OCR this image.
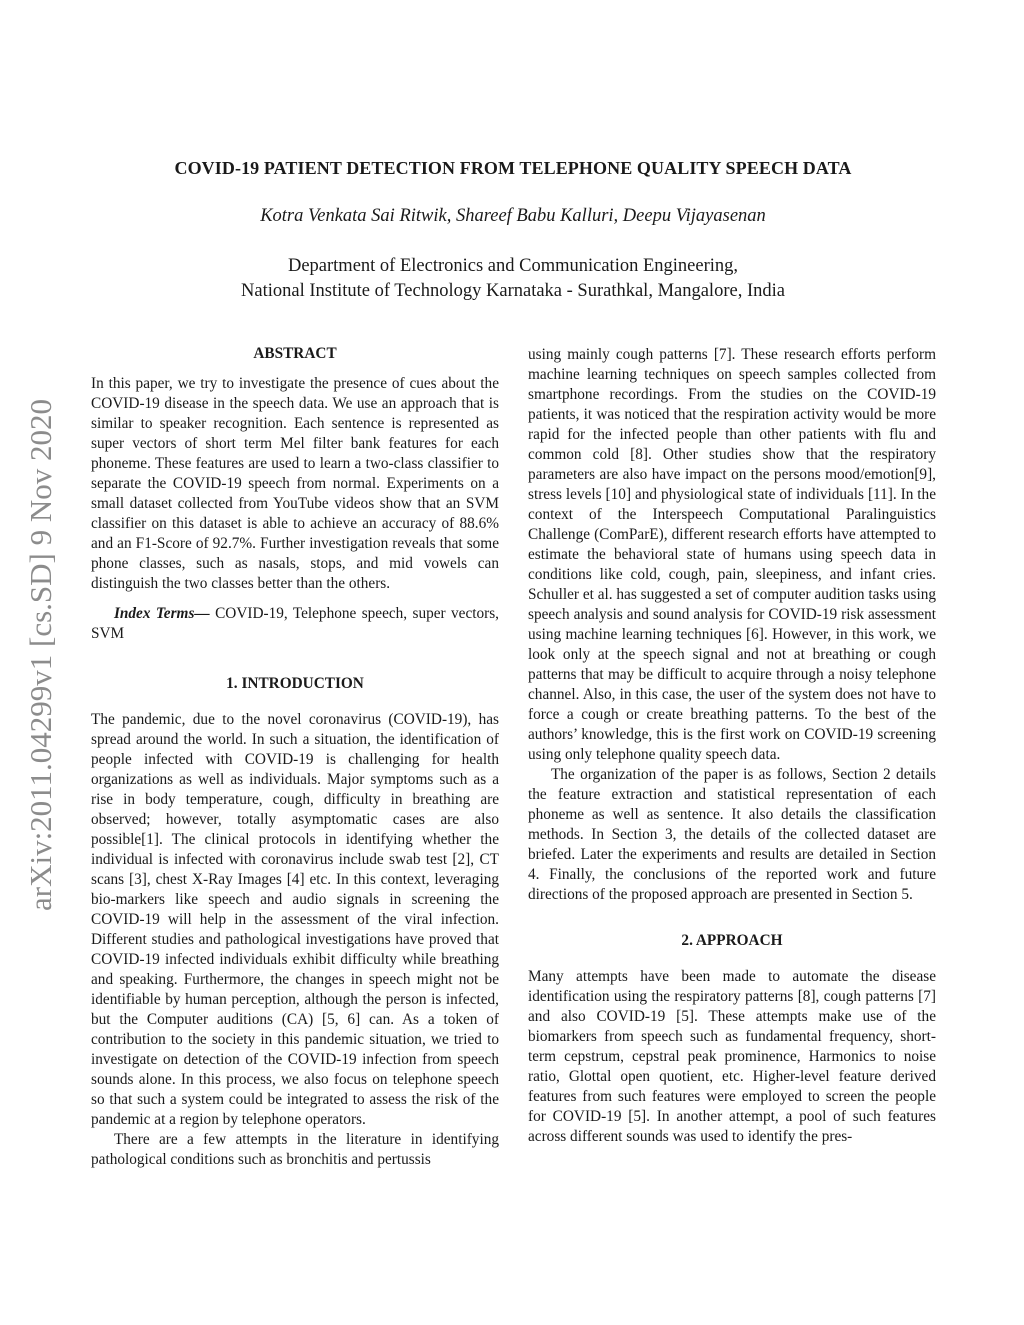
arXiv:2011.04299v1 [cs.SD] 9 Nov 2020
COVID-19 PATIENT DETECTION FROM TELEPHONE QUALITY SPEECH DATA
Kotra Venkata Sai Ritwik, Shareef Babu Kalluri, Deepu Vijayasenan
Department of Electronics and Communication Engineering,
National Institute of Technology Karnataka - Surathkal, Mangalore, India
ABSTRACT

In this paper, we try to investigate the presence of cues about the COVID-19 disease in the speech data. We use an approach that is similar to speaker recognition. Each sentence is represented as super vectors of short term Mel filter bank features for each phoneme. These features are used to learn a two-class classifier to separate the COVID-19 speech from normal. Experiments on a small dataset collected from YouTube videos show that an SVM classifier on this dataset is able to achieve an accuracy of 88.6% and an F1-Score of 92.7%. Further investigation reveals that some phone classes, such as nasals, stops, and mid vowels can distinguish the two classes better than the others.

Index Terms— COVID-19, Telephone speech, super vectors, SVM

1. INTRODUCTION

The pandemic, due to the novel coronavirus (COVID-19), has spread around the world. In such a situation, the identification of people infected with COVID-19 is challenging for health organizations as well as individuals. Major symptoms such as a rise in body temperature, cough, difficulty in breathing are observed; however, totally asymptomatic cases are also possible[1]. The clinical protocols in identifying whether the individual is infected with coronavirus include swab test [2], CT scans [3], chest X-Ray Images [4] etc. In this context, leveraging bio-markers like speech and audio signals in screening the COVID-19 will help in the assessment of the viral infection. Different studies and pathological investigations have proved that COVID-19 infected individuals exhibit difficulty while breathing and speaking. Furthermore, the changes in speech might not be identifiable by human perception, although the person is infected, but the Computer auditions (CA) [5, 6] can. As a token of contribution to the society in this pandemic situation, we tried to investigate on detection of the COVID-19 infection from speech sounds alone. In this process, we also focus on telephone speech so that such a system could be integrated to assess the risk of the pandemic at a region by telephone operators.

There are a few attempts in the literature in identifying pathological conditions such as bronchitis and pertussis

using mainly cough patterns [7]. These research efforts perform machine learning techniques on speech samples collected from smartphone recordings. From the studies on the COVID-19 patients, it was noticed that the respiration activity would be more rapid for the infected people than other patients with flu and common cold [8]. Other studies show that the respiratory parameters are also have impact on the persons mood/emotion[9], stress levels [10] and physiological state of individuals [11]. In the context of the Interspeech Computational Paralinguistics Challenge (ComParE), different research efforts have attempted to estimate the behavioral state of humans using speech data in conditions like cold, cough, pain, sleepiness, and infant cries. Schuller et al. has suggested a set of computer audition tasks using speech analysis and sound analysis for COVID-19 risk assessment using machine learning techniques [6]. However, in this work, we look only at the speech signal and not at breathing or cough patterns that may be difficult to acquire through a noisy telephone channel. Also, in this case, the user of the system does not have to force a cough or create breathing patterns. To the best of the authors’ knowledge, this is the first work on COVID-19 screening using only telephone quality speech data.

The organization of the paper is as follows, Section 2 details the feature extraction and statistical representation of each phoneme as well as sentence. It also details the classification methods. In Section 3, the details of the collected dataset are briefed. Later the experiments and results are detailed in Section 4. Finally, the conclusions of the reported work and future directions of the proposed approach are presented in Section 5.

2. APPROACH

Many attempts have been made to automate the disease identification using the respiratory patterns [8], cough patterns [7] and also COVID-19 [5]. These attempts make use of the biomarkers from speech such as fundamental frequency, short-term cepstrum, cepstral peak prominence, Harmonics to noise ratio, Glottal open quotient, etc. Higher-level feature derived features from such features were employed to screen the people for COVID-19 [5]. In another attempt, a pool of such features across different sounds was used to identify the pres-
